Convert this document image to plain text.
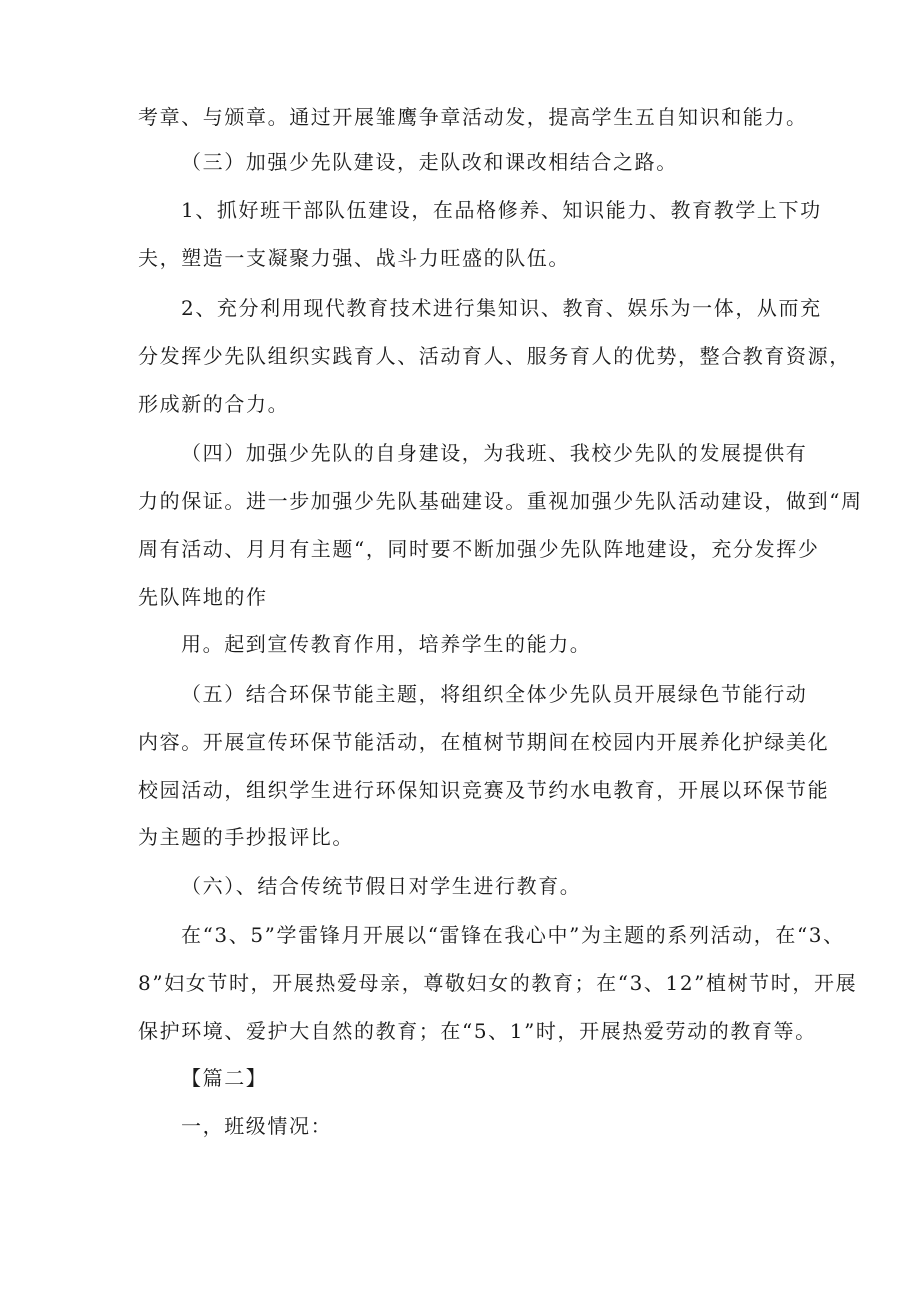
考章、与颁章。通过开展雏鹰争章活动发，提高学生五自知识和能力。
（三）加强少先队建设，走队改和课改相结合之路。
1、抓好班干部队伍建设，在品格修养、知识能力、教育教学上下功
夫，塑造一支凝聚力强、战斗力旺盛的队伍。
2、充分利用现代教育技术进行集知识、教育、娱乐为一体，从而充
分发挥少先队组织实践育人、活动育人、服务育人的优势，整合教育资源，
形成新的合力。
（四）加强少先队的自身建设，为我班、我校少先队的发展提供有
力的保证。进一步加强少先队基础建设。重视加强少先队活动建设，做到“周
周有活动、月月有主题“，同时要不断加强少先队阵地建设，充分发挥少
先队阵地的作
用。起到宣传教育作用，培养学生的能力。
（五）结合环保节能主题，将组织全体少先队员开展绿色节能行动
内容。开展宣传环保节能活动，在植树节期间在校园内开展养化护绿美化
校园活动，组织学生进行环保知识竞赛及节约水电教育，开展以环保节能
为主题的手抄报评比。
（六）、结合传统节假日对学生进行教育。
在“3、5”学雷锋月开展以“雷锋在我心中”为主题的系列活动，在“3、
8”妇女节时，开展热爱母亲，尊敬妇女的教育；在“3、12”植树节时，开展
保护环境、爱护大自然的教育；在“5、1”时，开展热爱劳动的教育等。
【篇二】
一，班级情况：
